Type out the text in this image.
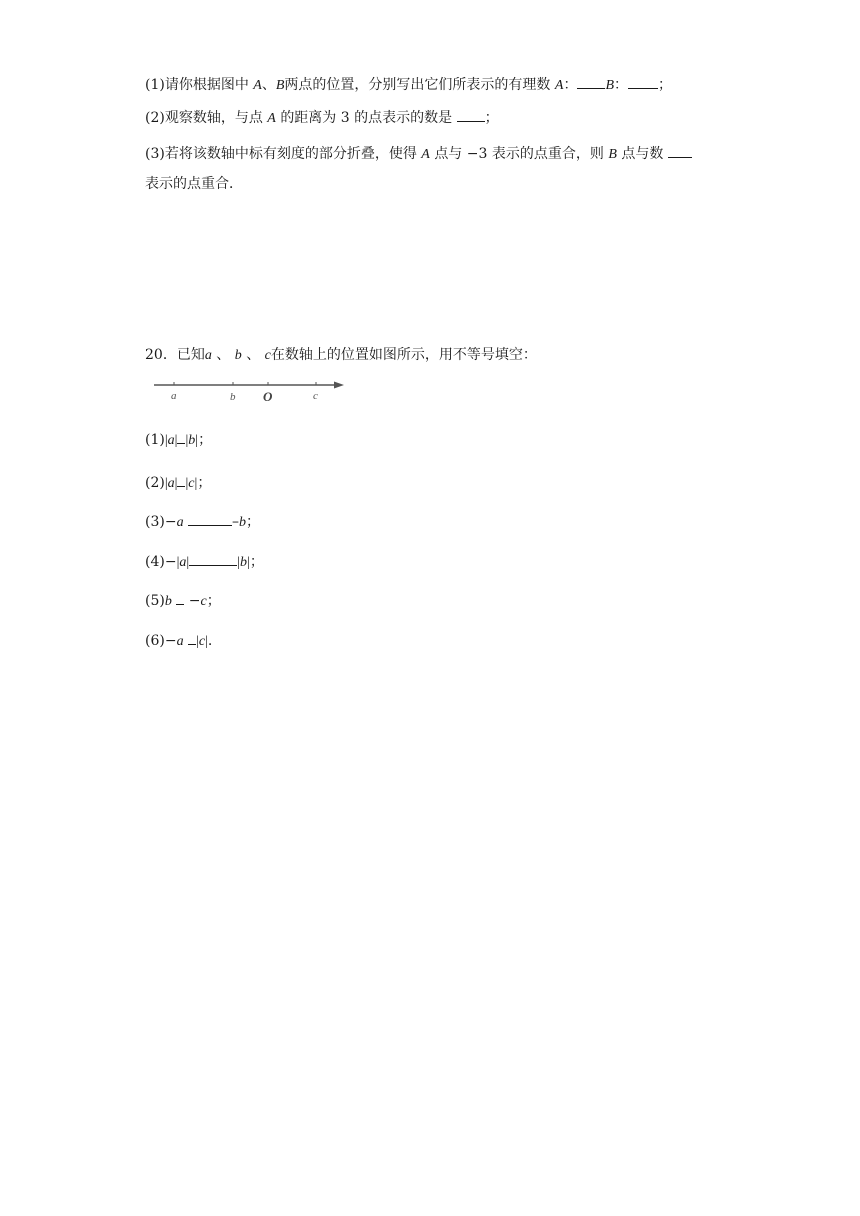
(1)请你根据图中 A、B两点的位置，分别写出它们所表示的有理数 A： B： ；
(2)观察数轴，与点 A 的距离为 3 的点表示的数是 ；
(3)若将该数轴中标有刻度的部分折叠，使得 A 点与 −3 表示的点重合，则 B 点与数
表示的点重合．
20．已知a 、 b 、 c在数轴上的位置如图所示，用不等号填空：
a	b O	c
(1)|a| |b|；
(2)|a| |c|；
(3)−a	–b；
(4)−|a|	|b|；
(5)b −c；
(6)−a |c|.
